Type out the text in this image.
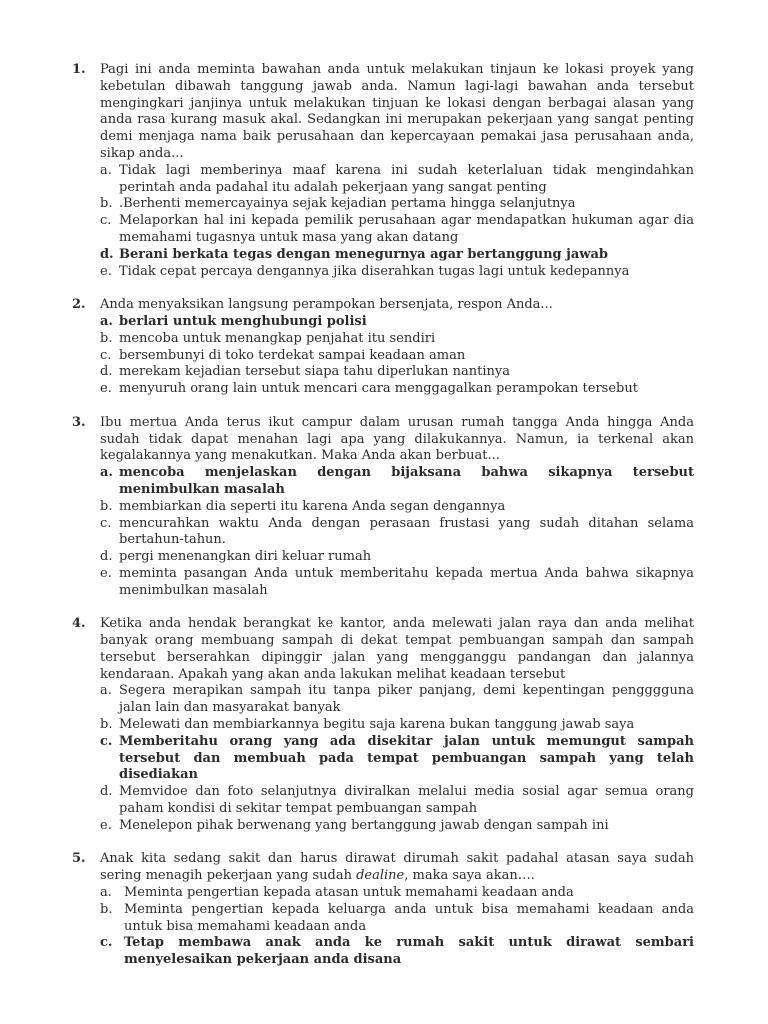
1. Pagi ini anda meminta bawahan anda untuk melakukan tinjaun ke lokasi proyek yang kebetulan dibawah tanggung jawab anda. Namun lagi-lagi bawahan anda tersebut mengingkari janjinya untuk melakukan tinjuan ke lokasi dengan berbagai alasan yang anda rasa kurang masuk akal. Sedangkan ini merupakan pekerjaan yang sangat penting demi menjaga nama baik perusahaan dan kepercayaan pemakai jasa perusahaan anda, sikap anda...
a. Tidak lagi memberinya maaf karena ini sudah keterlaluan tidak mengindahkan perintah anda padahal itu adalah pekerjaan yang sangat penting
b. .Berhenti memercayainya sejak kejadian pertama hingga selanjutnya
c. Melaporkan hal ini kepada pemilik perusahaan agar mendapatkan hukuman agar dia memahami tugasnya untuk masa yang akan datang
d. Berani berkata tegas dengan menegurnya agar bertanggung jawab
e. Tidak cepat percaya dengannya jika diserahkan tugas lagi untuk kedepannya
2. Anda menyaksikan langsung perampokan bersenjata, respon Anda...
a. berlari untuk menghubungi polisi
b. mencoba untuk menangkap penjahat itu sendiri
c. bersembunyi di toko terdekat sampai keadaan aman
d. merekam kejadian tersebut siapa tahu diperlukan nantinya
e. menyuruh orang lain untuk mencari cara menggagalkan perampokan tersebut
3. Ibu mertua Anda terus ikut campur dalam urusan rumah tangga Anda hingga Anda sudah tidak dapat menahan lagi apa yang dilakukannya. Namun, ia terkenal akan kegalakannya yang menakutkan. Maka Anda akan berbuat...
a. mencoba menjelaskan dengan bijaksana bahwa sikapnya tersebut menimbulkan masalah
b. membiarkan dia seperti itu karena Anda segan dengannya
c. mencurahkan waktu Anda dengan perasaan frustasi yang sudah ditahan selama bertahun-tahun.
d. pergi menenangkan diri keluar rumah
e. meminta pasangan Anda untuk memberitahu kepada mertua Anda bahwa sikapnya menimbulkan masalah
4. Ketika anda hendak berangkat ke kantor, anda melewati jalan raya dan anda melihat banyak orang membuang sampah di dekat tempat pembuangan sampah dan sampah tersebut berserahkan dipinggir jalan yang mengganggu pandangan dan jalannya kendaraan. Apakah yang akan anda lakukan melihat keadaan tersebut
a. Segera merapikan sampah itu tanpa piker panjang, demi kepentingan pengggguna jalan lain dan masyarakat banyak
b. Melewati dan membiarkannya begitu saja karena bukan tanggung jawab saya
c. Memberitahu orang yang ada disekitar jalan untuk memungut sampah tersebut dan membuah pada tempat pembuangan sampah yang telah disediakan
d. Memvidoe dan foto selanjutnya diviralkan melalui media sosial agar semua orang paham kondisi di sekitar tempat pembuangan sampah
e. Menelepon pihak berwenang yang bertanggung jawab dengan sampah ini
5. Anak kita sedang sakit dan harus dirawat dirumah sakit padahal atasan saya sudah sering menagih pekerjaan yang sudah dealine, maka saya akan….
a. Meminta pengertian kepada atasan untuk memahami keadaan anda
b. Meminta pengertian kepada keluarga anda untuk bisa memahami keadaan anda untuk bisa memahami keadaan anda
c. Tetap membawa anak anda ke rumah sakit untuk dirawat sembari menyelesaikan pekerjaan anda disana
